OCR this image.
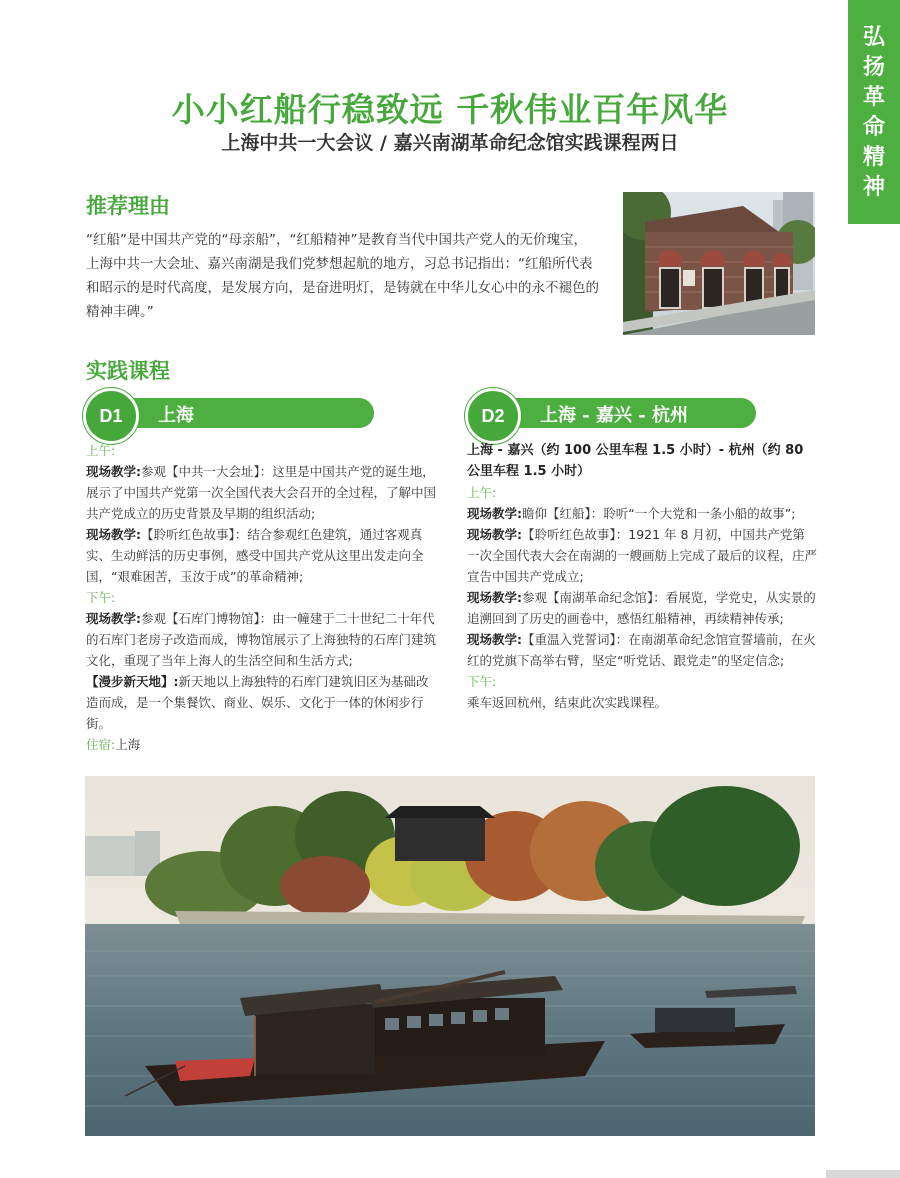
弘
扬
革
命
精
神
小小红船行稳致远 千秋伟业百年风华
上海中共一大会议 / 嘉兴南湖革命纪念馆实践课程两日
推荐理由

“红船”是中国共产党的“母亲船”，“红船精神”是教育当代中国共产党人的无价瑰宝，上海中共一大会址、嘉兴南湖是我们党梦想起航的地方，习总书记指出：“红船所代表和昭示的是时代高度，是发展方向，是奋进明灯，是铸就在中华儿女心中的永不褪色的精神丰碑。”

实践课程
上海
D1	上海 - 嘉兴 - 杭州
D2

上午:

现场教学:参观【中共一大会址】：这里是中国共产党的诞生地，展示了中国共产党第一次全国代表大会召开的全过程，了解中国共产党成立的历史背景及早期的组织活动;

现场教学:【聆听红色故事】：结合参观红色建筑，通过客观真实、生动鲜活的历史事例，感受中国共产党从这里出发走向全国，“艰难困苦，玉汝于成”的革命精神;

下午:

现场教学:参观【石库门博物馆】：由一幢建于二十世纪二十年代的石库门老房子改造而成，博物馆展示了上海独特的石库门建筑文化，重现了当年上海人的生活空间和生活方式;

【漫步新天地】:新天地以上海独特的石库门建筑旧区为基础改造而成，是一个集餐饮、商业、娱乐、文化于一体的休闲步行街。

住宿:上海

上海 - 嘉兴（约 100 公里车程 1.5 小时）- 杭州（约 80 公里车程 1.5 小时）

上午:

现场教学:瞻仰【红船】：聆听“一个大党和一条小船的故事”;

现场教学:【聆听红色故事】：1921 年 8 月初，中国共产党第一次全国代表大会在南湖的一艘画舫上完成了最后的议程，庄严宣告中国共产党成立;

现场教学:参观【南湖革命纪念馆】：看展览，学党史，从实景的追溯回到了历史的画卷中，感悟红船精神，再续精神传承;

现场教学:【重温入党誓词】：在南湖革命纪念馆宣誓墙前，在火红的党旗下高举右臂，坚定“听党话、跟党走”的坚定信念;

下午:

乘车返回杭州，结束此次实践课程。
